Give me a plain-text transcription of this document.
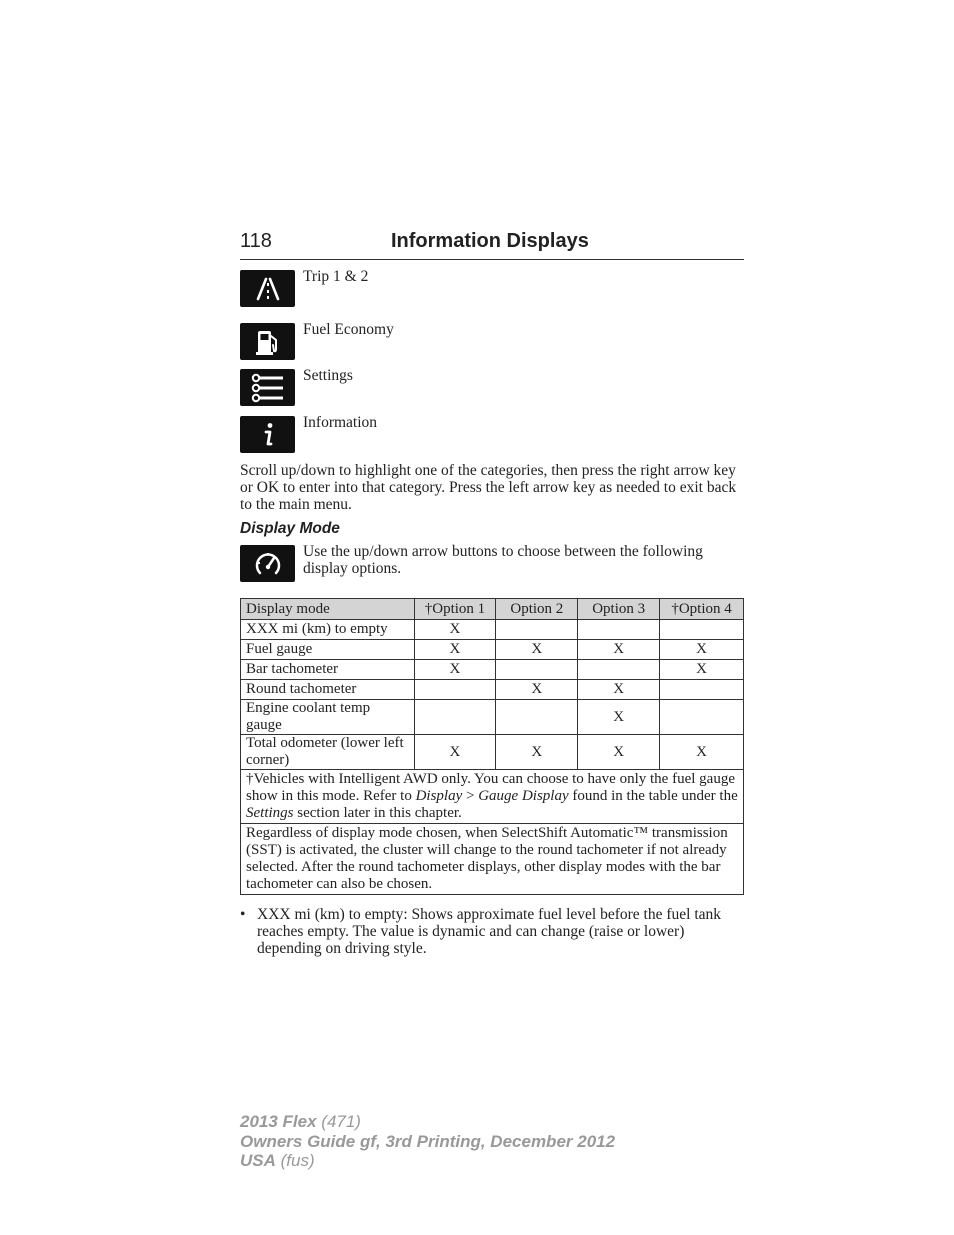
118	Information Displays
Trip 1 & 2
Fuel Economy
Settings
Information
Scroll up/down to highlight one of the categories, then press the right arrow key or OK to enter into that category. Press the left arrow key as needed to exit back to the main menu.
Display Mode
Use the up/down arrow buttons to choose between the following display options.
Display mode	†Option 1	Option 2	Option 3	†Option 4
XXX mi (km) to empty	X			
Fuel gauge	X	X	X	X
Bar tachometer	X			X
Round tachometer		X	X	
Engine coolant temp gauge			X	
Total odometer (lower left corner)	X	X	X	X
†Vehicles with Intelligent AWD only. You can choose to have only the fuel gauge show in this mode. Refer to Display > Gauge Display found in the table under the Settings section later in this chapter.				
Regardless of display mode chosen, when SelectShift Automatic™ transmission (SST) is activated, the cluster will change to the round tachometer if not already selected. After the round tachometer displays, other display modes with the bar tachometer can also be chosen.				
• XXX mi (km) to empty: Shows approximate fuel level before the fuel tank reaches empty. The value is dynamic and can change (raise or lower) depending on driving style.
2013 Flex (471)
Owners Guide gf, 3rd Printing, December 2012
USA (fus)
